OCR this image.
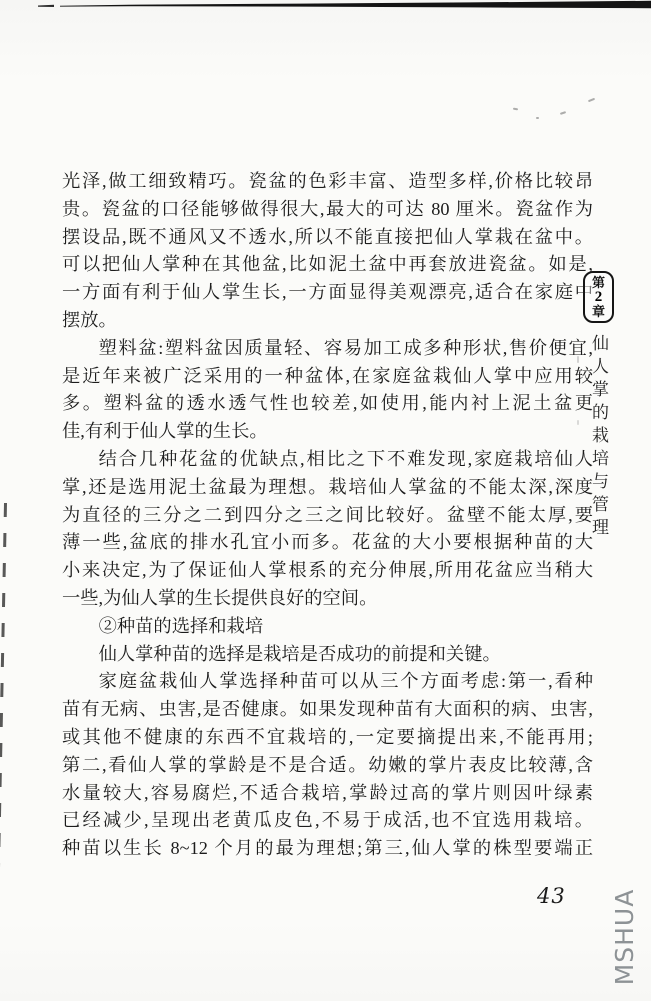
光泽,做工细致精巧。瓷盆的色彩丰富、造型多样,价格比较昂
贵。瓷盆的口径能够做得很大,最大的可达 80 厘米。瓷盆作为
摆设品,既不通风又不透水,所以不能直接把仙人掌栽在盆中。
可以把仙人掌种在其他盆,比如泥土盆中再套放进瓷盆。如是,
一方面有利于仙人掌生长,一方面显得美观漂亮,适合在家庭中
摆放。
塑料盆:塑料盆因质量轻、容易加工成多种形状,售价便宜,
是近年来被广泛采用的一种盆体,在家庭盆栽仙人掌中应用较
多。塑料盆的透水透气性也较差,如使用,能内衬上泥土盆更
佳,有利于仙人掌的生长。
结合几种花盆的优缺点,相比之下不难发现,家庭栽培仙人
掌,还是选用泥土盆最为理想。栽培仙人掌盆的不能太深,深度
为直径的三分之二到四分之三之间比较好。盆壁不能太厚,要
薄一些,盆底的排水孔宜小而多。花盆的大小要根据种苗的大
小来决定,为了保证仙人掌根系的充分伸展,所用花盆应当稍大
一些,为仙人掌的生长提供良好的空间。
②种苗的选择和栽培
仙人掌种苗的选择是栽培是否成功的前提和关键。
家庭盆栽仙人掌选择种苗可以从三个方面考虑:第一,看种
苗有无病、虫害,是否健康。如果发现种苗有大面积的病、虫害,
或其他不健康的东西不宜栽培的,一定要摘提出来,不能再用;
第二,看仙人掌的掌龄是不是合适。幼嫩的掌片表皮比较薄,含
水量较大,容易腐烂,不适合栽培,掌龄过高的掌片则因叶绿素
已经减少,呈现出老黄瓜皮色,不易于成活,也不宜选用栽培。
种苗以生长 8~12 个月的最为理想;第三,仙人掌的株型要端正
第
2
章
仙人掌的栽培与管理
43 MSHUA
